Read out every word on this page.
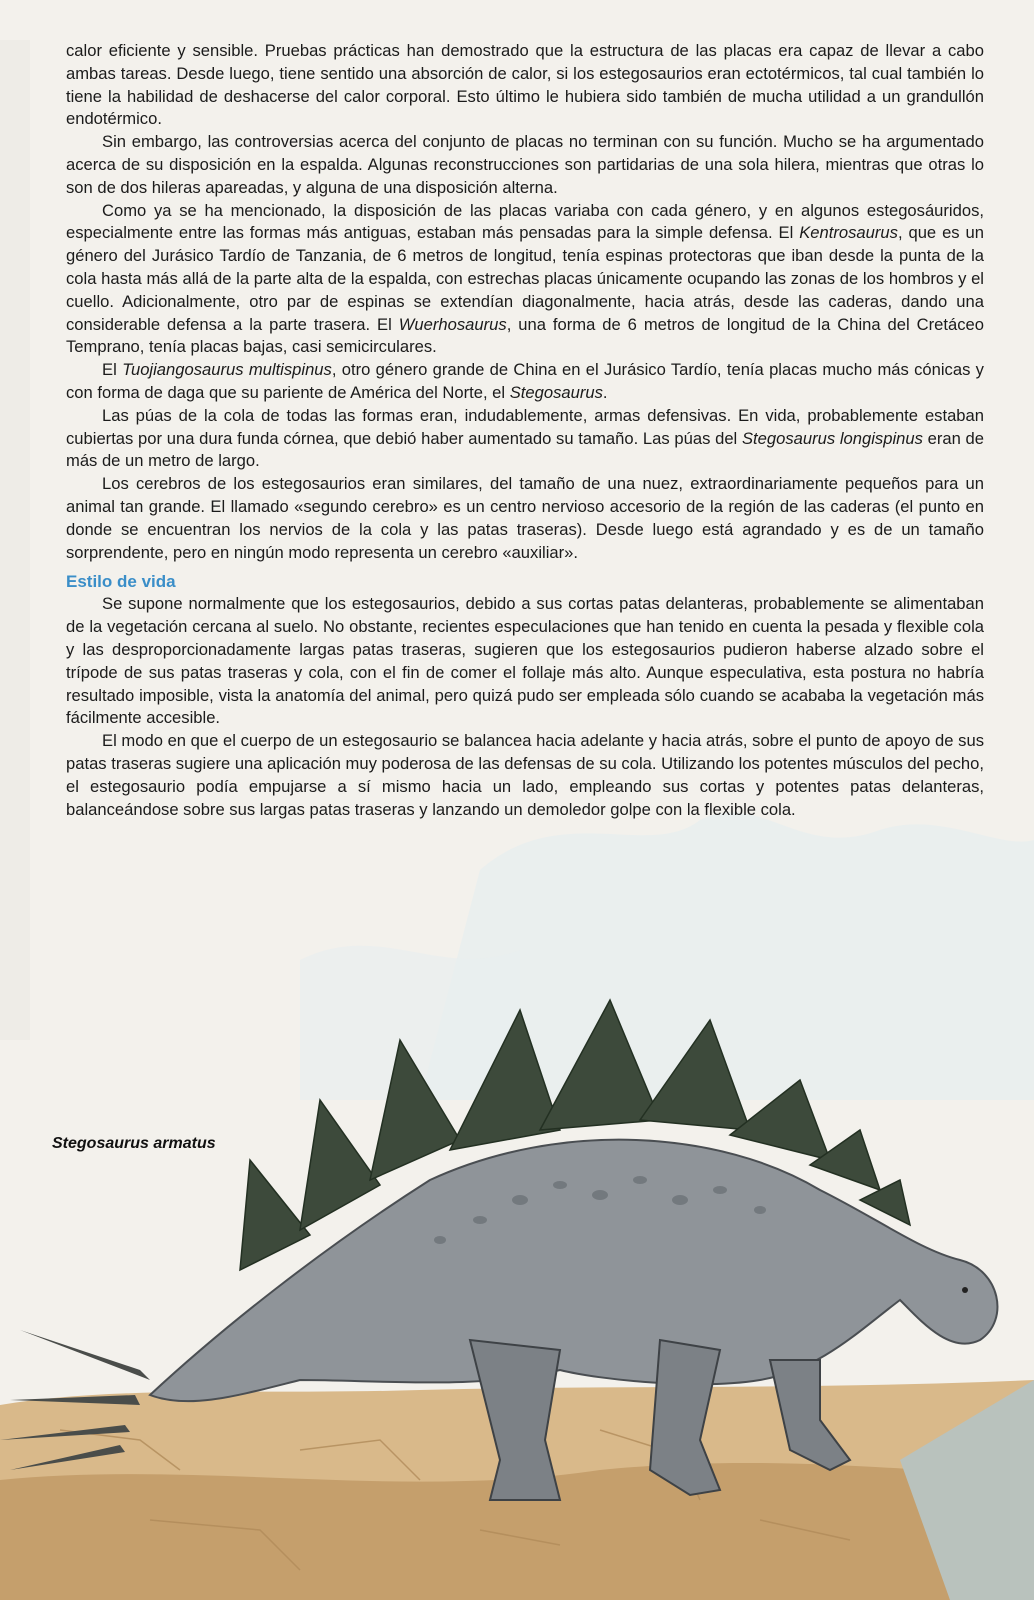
calor eficiente y sensible. Pruebas prácticas han demostrado que la estructura de las placas era capaz de llevar a cabo ambas tareas. Desde luego, tiene sentido una absorción de calor, si los estegosaurios eran ectotérmicos, tal cual también lo tiene la habilidad de deshacerse del calor corporal. Esto último le hubiera sido también de mucha utilidad a un grandullón endotérmico.

Sin embargo, las controversias acerca del conjunto de placas no terminan con su función. Mucho se ha argumentado acerca de su disposición en la espalda. Algunas reconstrucciones son partidarias de una sola hilera, mientras que otras lo son de dos hileras apareadas, y alguna de una disposición alterna.

Como ya se ha mencionado, la disposición de las placas variaba con cada género, y en algunos estegosáuridos, especialmente entre las formas más antiguas, estaban más pensadas para la simple defensa. El Kentrosaurus, que es un género del Jurásico Tardío de Tanzania, de 6 metros de longitud, tenía espinas protectoras que iban desde la punta de la cola hasta más allá de la parte alta de la espalda, con estrechas placas únicamente ocupando las zonas de los hombros y el cuello. Adicionalmente, otro par de espinas se extendían diagonalmente, hacia atrás, desde las caderas, dando una considerable defensa a la parte trasera. El Wuerhosaurus, una forma de 6 metros de longitud de la China del Cretáceo Temprano, tenía placas bajas, casi semicirculares.

El Tuojiangosaurus multispinus, otro género grande de China en el Jurásico Tardío, tenía placas mucho más cónicas y con forma de daga que su pariente de América del Norte, el Stegosaurus.

Las púas de la cola de todas las formas eran, indudablemente, armas defensivas. En vida, probablemente estaban cubiertas por una dura funda córnea, que debió haber aumentado su tamaño. Las púas del Stegosaurus longispinus eran de más de un metro de largo.

Los cerebros de los estegosaurios eran similares, del tamaño de una nuez, extraordinariamente pequeños para un animal tan grande. El llamado «segundo cerebro» es un centro nervioso accesorio de la región de las caderas (el punto en donde se encuentran los nervios de la cola y las patas traseras). Desde luego está agrandado y es de un tamaño sorprendente, pero en ningún modo representa un cerebro «auxiliar».

Estilo de vida

Se supone normalmente que los estegosaurios, debido a sus cortas patas delanteras, probablemente se alimentaban de la vegetación cercana al suelo. No obstante, recientes especulaciones que han tenido en cuenta la pesada y flexible cola y las desproporcionadamente largas patas traseras, sugieren que los estegosaurios pudieron haberse alzado sobre el trípode de sus patas traseras y cola, con el fin de comer el follaje más alto. Aunque especulativa, esta postura no habría resultado imposible, vista la anatomía del animal, pero quizá pudo ser empleada sólo cuando se acababa la vegetación más fácilmente accesible.

El modo en que el cuerpo de un estegosaurio se balancea hacia adelante y hacia atrás, sobre el punto de apoyo de sus patas traseras sugiere una aplicación muy poderosa de las defensas de su cola. Utilizando los potentes músculos del pecho, el estegosaurio podía empujarse a sí mismo hacia un lado, empleando sus cortas y potentes patas delanteras, balanceándose sobre sus largas patas traseras y lanzando un demoledor golpe con la flexible cola.

Stegosaurus armatus
